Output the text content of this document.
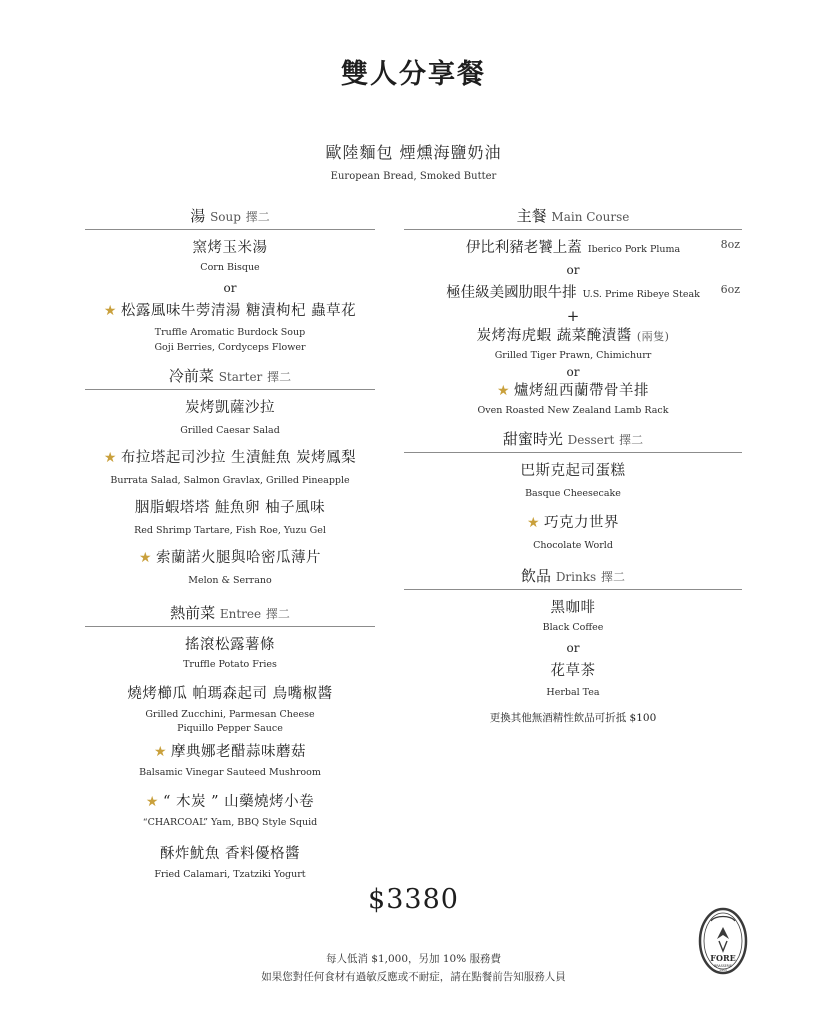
雙人分享餐
歐陸麵包 煙燻海鹽奶油
European Bread, Smoked Butter
湯 Soup 擇二
窯烤玉米湯
Corn Bisque
or
★ 松露風味牛蒡清湯 糖漬枸杞 蟲草花
Truffle Aromatic Burdock Soup
Goji Berries, Cordyceps Flower
冷前菜 Starter 擇二
炭烤凱薩沙拉
Grilled Caesar Salad
★ 布拉塔起司沙拉 生漬鮭魚 炭烤鳳梨
Burrata Salad, Salmon Gravlax, Grilled Pineapple
胭脂蝦塔塔 鮭魚卵 柚子風味
Red Shrimp Tartare, Fish Roe, Yuzu Gel
★ 索蘭諾火腿與哈密瓜薄片
Melon & Serrano
熱前菜 Entree 擇二
搖滾松露薯條
Truffle Potato Fries
燒烤櫛瓜 帕瑪森起司 鳥嘴椒醬
Grilled Zucchini, Parmesan Cheese
Piquillo Pepper Sauce
★ 摩典娜老醋蒜味蘑菇
Balsamic Vinegar Sauteed Mushroom
★ “ 木炭 ” 山藥燒烤小卷
“CHARCOAL” Yam, BBQ Style Squid
酥炸魷魚 香料優格醬
Fried Calamari, Tzatziki Yogurt
主餐 Main Course
伊比利豬老饕上蓋 Iberico Pork Pluma	8oz
or
極佳級美國肋眼牛排 U.S. Prime Ribeye Steak 6oz
+
炭烤海虎蝦 蔬菜醃漬醬 (兩隻)
Grilled Tiger Prawn, Chimichurr
or
★ 爐烤紐西蘭帶骨羊排
Oven Roasted New Zealand Lamb Rack
甜蜜時光 Dessert 擇二
巴斯克起司蛋糕
Basque Cheesecake
★ 巧克力世界
Chocolate World
飲品 Drinks 擇二
黑咖啡
Black Coffee
or
花草茶
Herbal Tea
更換其他無酒精性飲品可折抵 $100
$3380
每人低消 $1,000，另加 10% 服務費
如果您對任何食材有過敏反應或不耐症，請在點餐前告知服務人員
FORE
BRASSERIE
1953
